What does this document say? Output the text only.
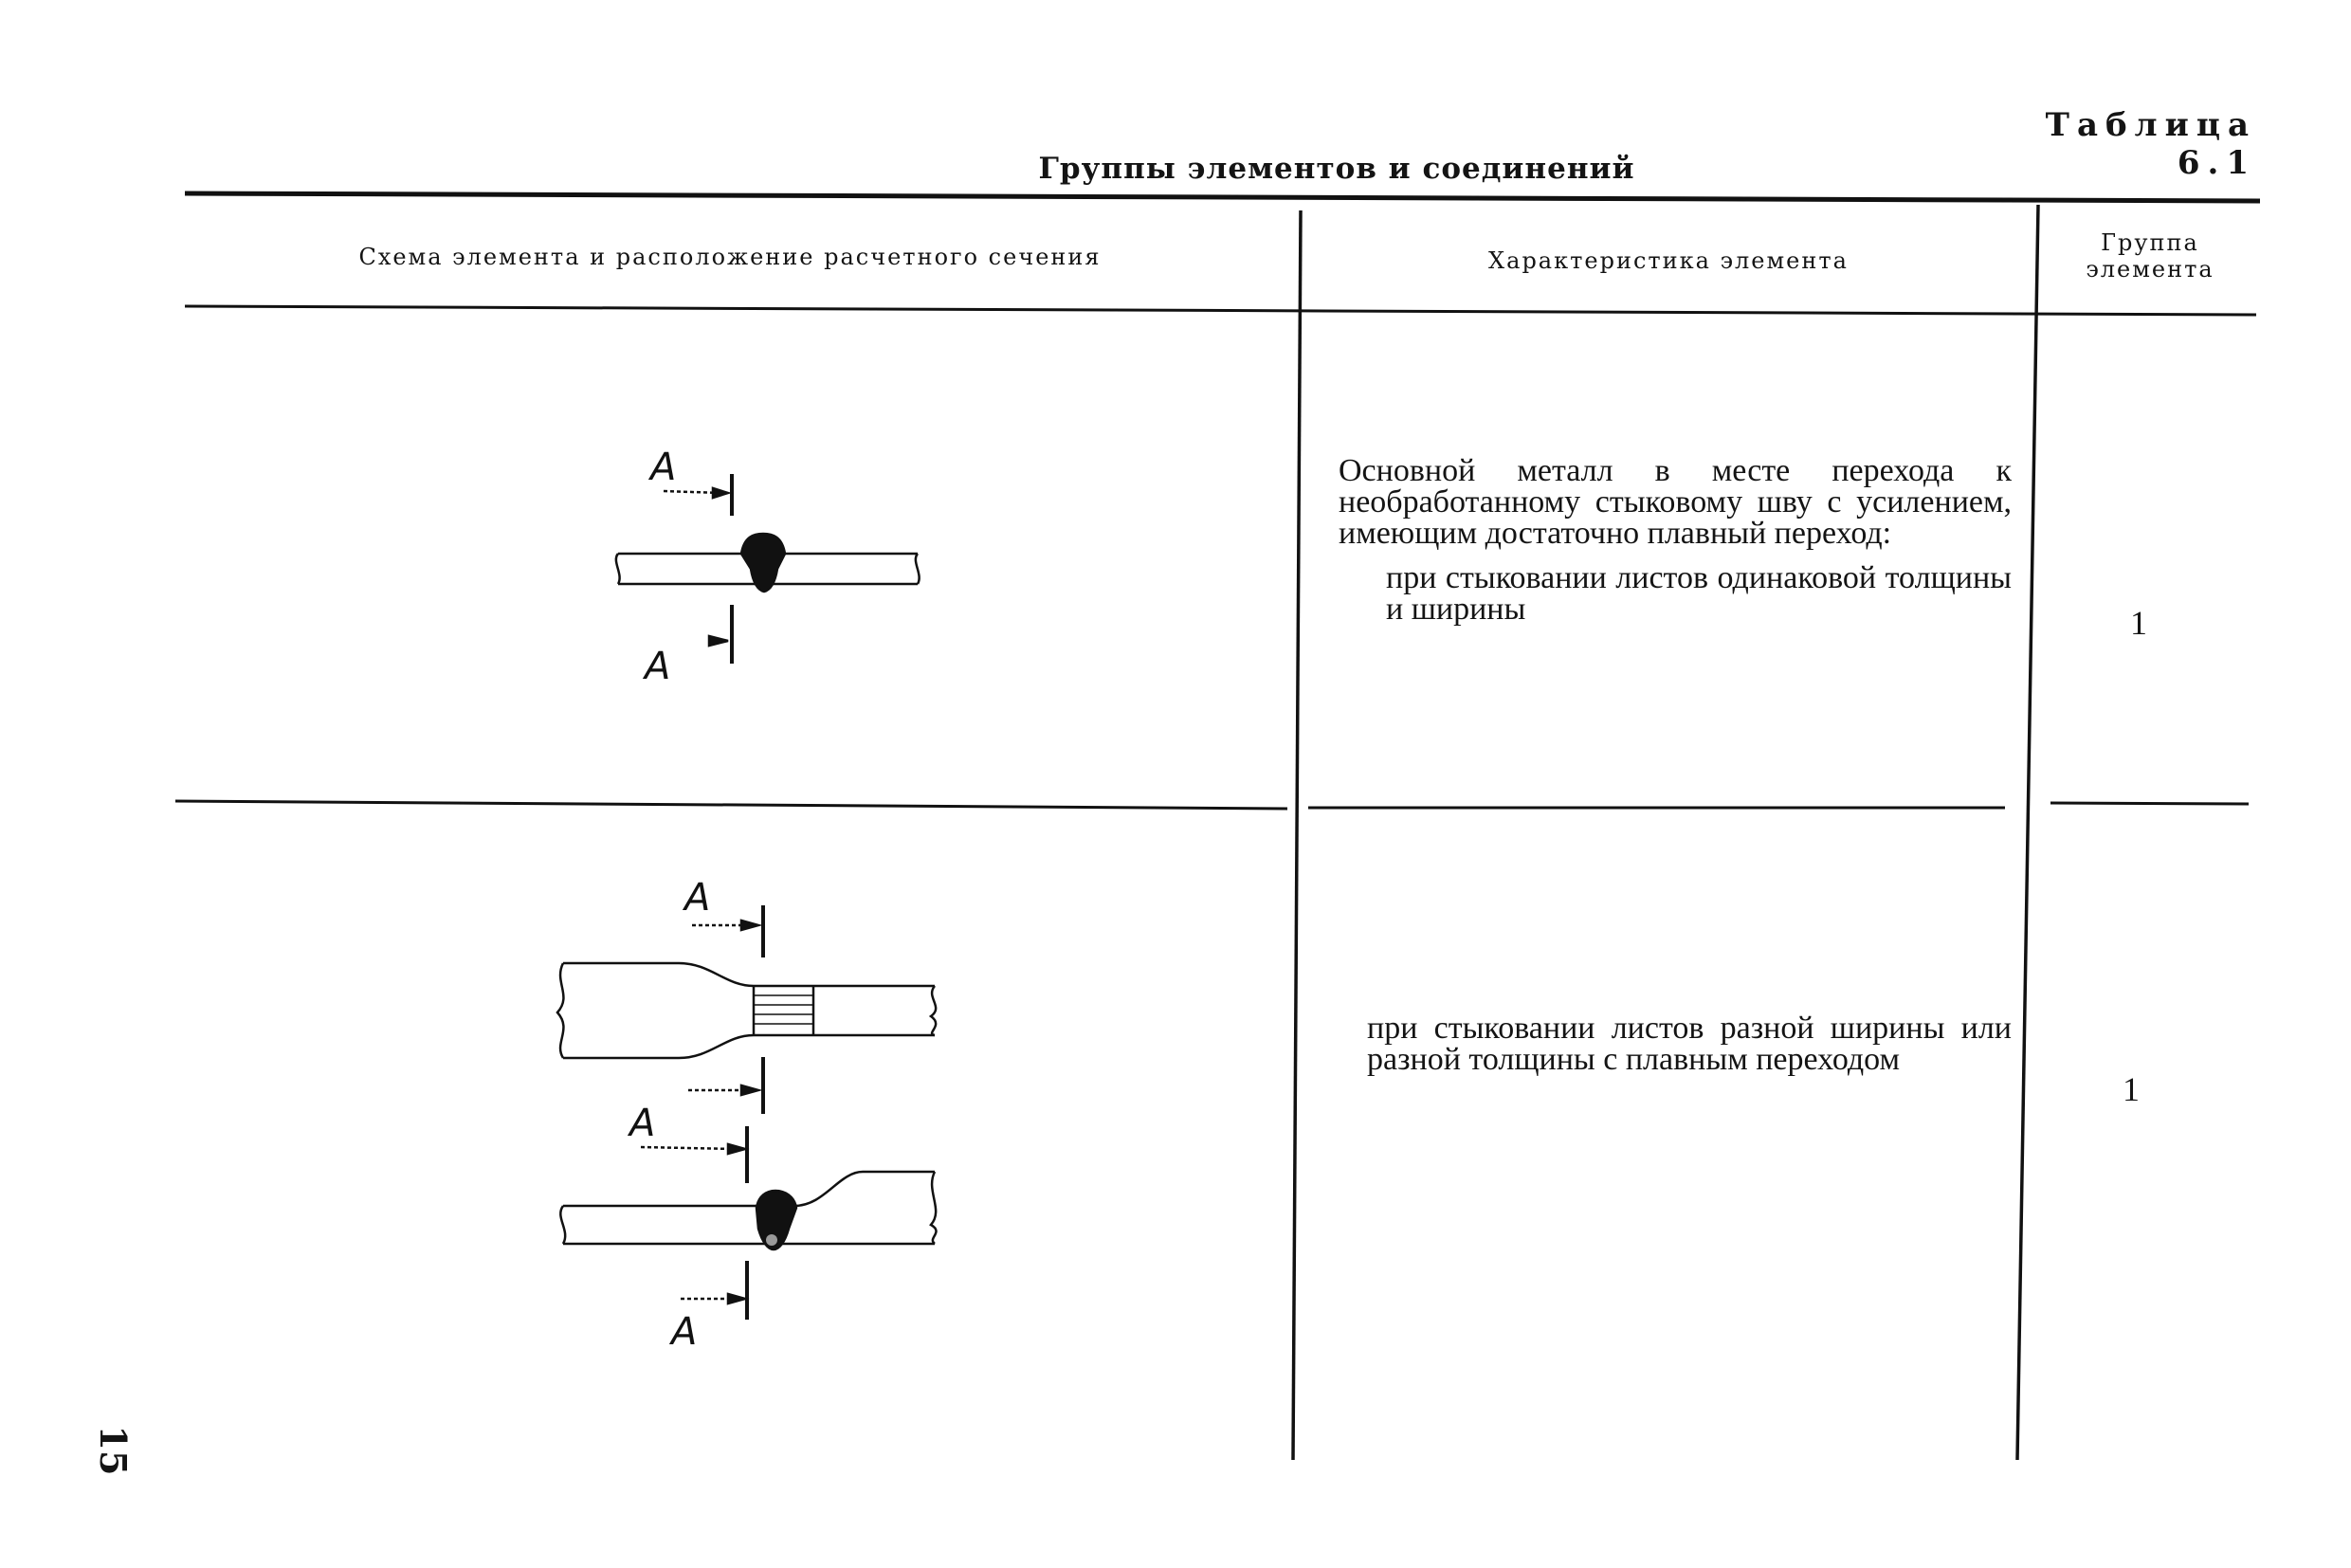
Таблица 6.1
Группы элементов и соединений
A
A
A
A
A
Схема элемента и расположение расчетного сечения	Характеристика элемента
Группа
элемента

Основной металл в месте перехода к необработанному стыковому шву с усилением, имеющим достаточно плавный переход:

при стыковании листов одинаковой толщины и ширины	1

при стыковании листов разной ширины или разной толщины с плавным переходом

1
15
